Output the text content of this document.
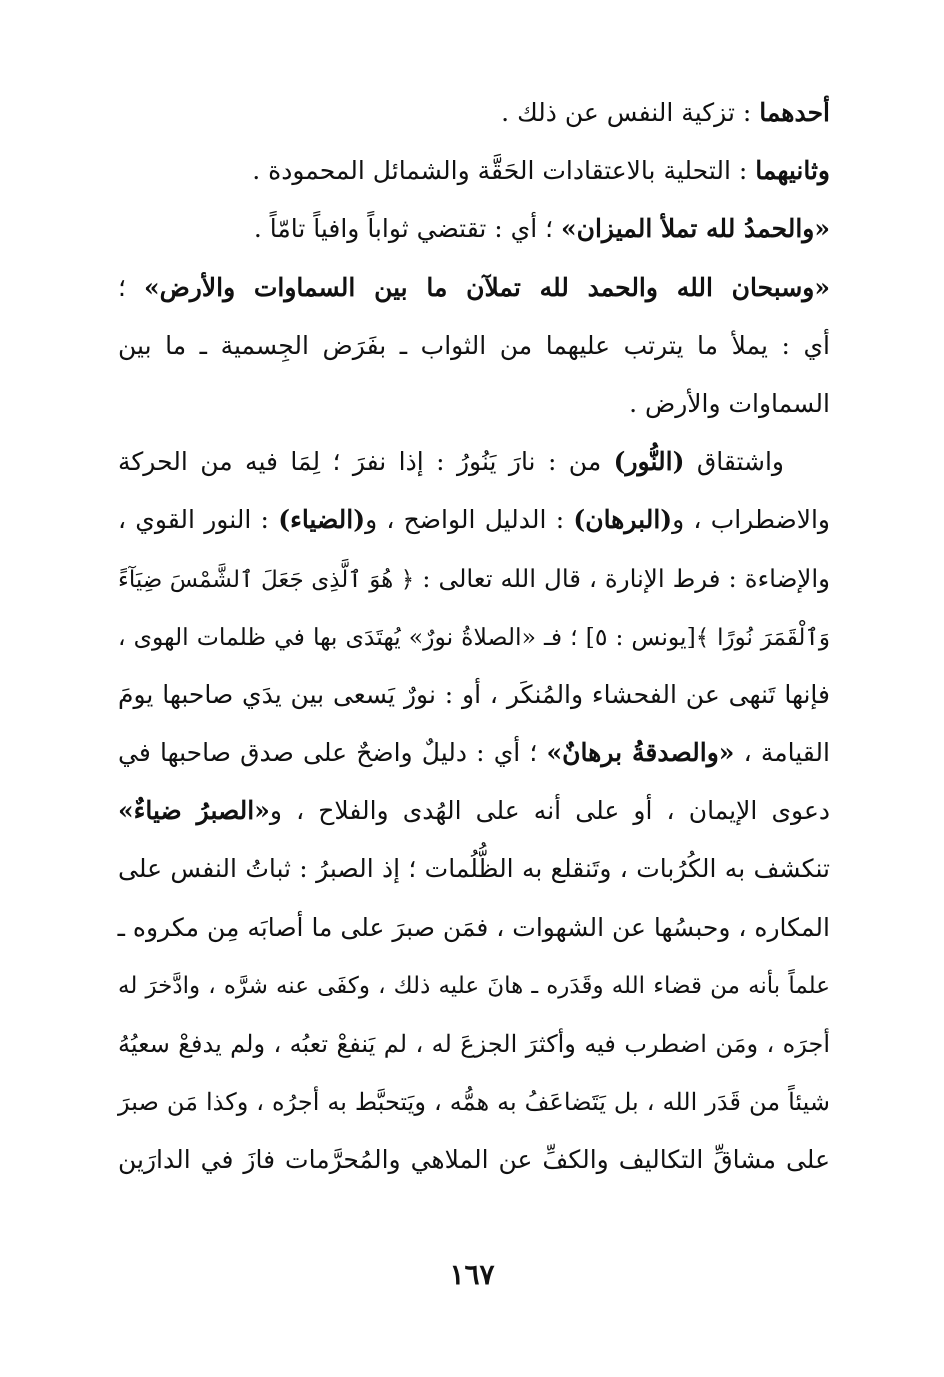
أحدهما : تزكية النفس عن ذلك .
وثانيهما : التحلية بالاعتقادات الحَقَّة والشمائل المحمودة .
«والحمدُ لله تملأ الميزان» ؛ أي : تقتضي ثواباً وافياً تامّاً .
«وسبحان الله والحمد لله تملآن ما بين السماوات والأرض» ؛
أي : يملأ ما يترتب عليهما من الثواب ـ بفَرَض الجِسمية ـ ما بين
السماوات والأرض .
واشتقاق (النُّور) من : نارَ يَنُورُ : إذا نفرَ ؛ لِمَا فيه من الحركة
والاضطراب ، و(البرهان) : الدليل الواضح ، و(الضياء) : النور القوي ،
والإضاءة : فرط الإنارة ، قال الله تعالى : ﴿ هُوَ ٱلَّذِى جَعَلَ ٱلشَّمْسَ ضِيَآءً
وَٱلْقَمَرَ نُورًا ﴾[يونس : ٥] ؛ فـ «الصلاةُ نورٌ» يُهتَدَى بها في ظلمات الهوى ،
فإنها تَنهى عن الفحشاء والمُنكَر ، أو : نورٌ يَسعى بين يدَي صاحبها يومَ
القيامة ، «والصدقةُ برهانٌ» ؛ أي : دليلٌ واضحٌ على صدق صاحبها في
دعوى الإيمان ، أو على أنه على الهُدى والفلاح ، و«الصبرُ ضياءٌ»
تنكشف به الكُرُبات ، وتَنقلع به الظُّلُمات ؛ إذ الصبرُ : ثباتُ النفس على
المكاره ، وحبسُها عن الشهوات ، فمَن صبرَ على ما أصابَه مِن مكروه ـ
علماً بأنه من قضاء الله وقَدَره ـ هانَ عليه ذلك ، وكفَى عنه شرَّه ، وادَّخرَ له
أجرَه ، ومَن اضطرب فيه وأكثرَ الجزعَ له ، لم يَنفعْ تعبُه ، ولم يدفعْ سعيُهُ
شيئاً من قَدَر الله ، بل يَتَضاعَفُ به همُّه ، ويَتحبَّط به أجرُه ، وكذا مَن صبرَ
على مشاقِّ التكاليف والكفِّ عن الملاهي والمُحرَّمات فازَ في الدارَين
١٦٧
